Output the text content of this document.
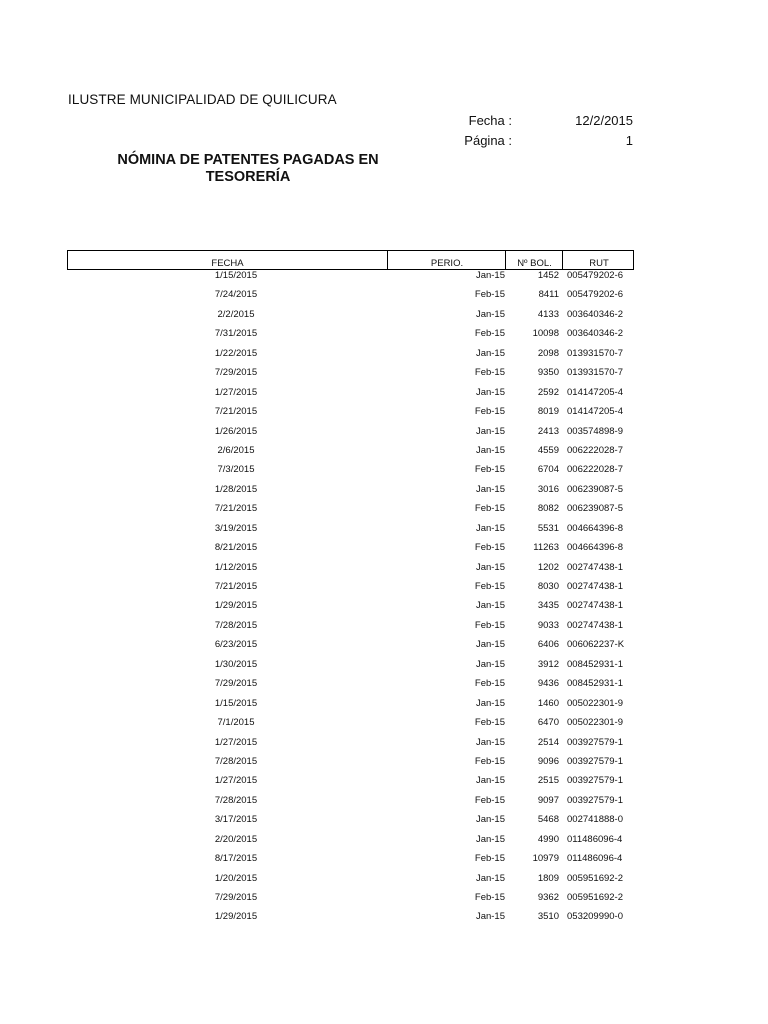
ILUSTRE MUNICIPALIDAD DE QUILICURA
Fecha :	12/2/2015
Página :	1
NÓMINA DE PATENTES PAGADAS EN
TESORERÍA
FECHA	PERIO.	Nº BOL.	RUT
1/15/2015	Jan-15	1452 005479202-6
7/24/2015	Feb-15	8411 005479202-6
2/2/2015	Jan-15	4133 003640346-2
7/31/2015	Feb-15	10098 003640346-2
1/22/2015	Jan-15	2098 013931570-7
7/29/2015	Feb-15	9350 013931570-7
1/27/2015	Jan-15	2592 014147205-4
7/21/2015	Feb-15	8019 014147205-4
1/26/2015	Jan-15	2413 003574898-9
2/6/2015	Jan-15	4559 006222028-7
7/3/2015	Feb-15	6704 006222028-7
1/28/2015	Jan-15	3016 006239087-5
7/21/2015	Feb-15	8082 006239087-5
3/19/2015	Jan-15	5531 004664396-8
8/21/2015	Feb-15	11263 004664396-8
1/12/2015	Jan-15	1202 002747438-1
7/21/2015	Feb-15	8030 002747438-1
1/29/2015	Jan-15	3435 002747438-1
7/28/2015	Feb-15	9033 002747438-1
6/23/2015	Jan-15	6406 006062237-K
1/30/2015	Jan-15	3912 008452931-1
7/29/2015	Feb-15	9436 008452931-1
1/15/2015	Jan-15	1460 005022301-9
7/1/2015	Feb-15	6470 005022301-9
1/27/2015	Jan-15	2514 003927579-1
7/28/2015	Feb-15	9096 003927579-1
1/27/2015	Jan-15	2515 003927579-1
7/28/2015	Feb-15	9097 003927579-1
3/17/2015	Jan-15	5468 002741888-0
2/20/2015	Jan-15	4990 011486096-4
8/17/2015	Feb-15	10979 011486096-4
1/20/2015	Jan-15	1809 005951692-2
7/29/2015	Feb-15	9362 005951692-2
1/29/2015	Jan-15	3510 053209990-0
